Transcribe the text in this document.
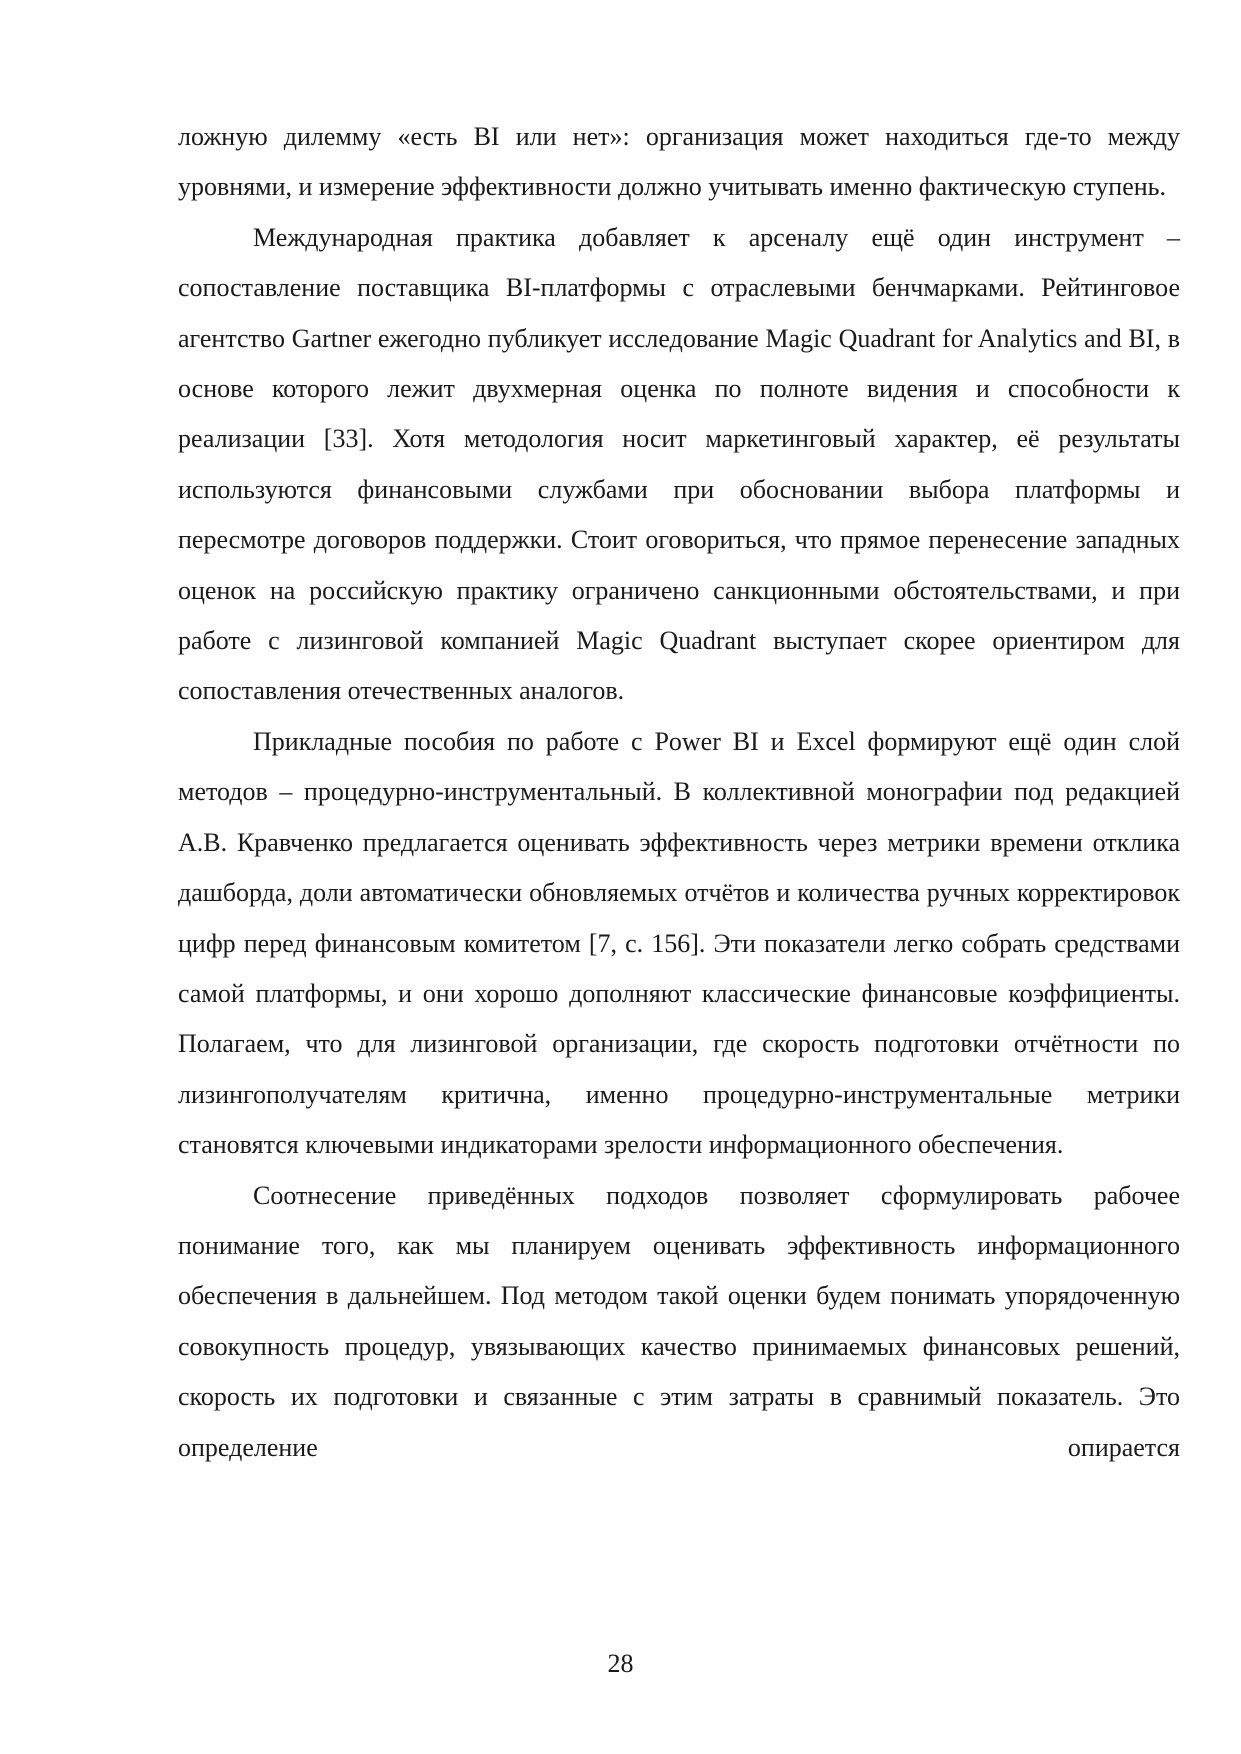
ложную дилемму «есть BI или нет»: организация может находиться где-то между уровнями, и измерение эффективности должно учитывать именно фактическую ступень.

Международная практика добавляет к арсеналу ещё один инструмент – сопоставление поставщика BI-платформы с отраслевыми бенчмарками. Рейтинговое агентство Gartner ежегодно публикует исследование Magic Quadrant for Analytics and BI, в основе которого лежит двухмерная оценка по полноте видения и способности к реализации [33]. Хотя методология носит маркетинговый характер, её результаты используются финансовыми службами при обосновании выбора платформы и пересмотре договоров поддержки. Стоит оговориться, что прямое перенесение западных оценок на российскую практику ограничено санкционными обстоятельствами, и при работе с лизинговой компанией Magic Quadrant выступает скорее ориентиром для сопоставления отечественных аналогов.

Прикладные пособия по работе с Power BI и Excel формируют ещё один слой методов – процедурно-инструментальный. В коллективной монографии под редакцией А.В. Кравченко предлагается оценивать эффективность через метрики времени отклика дашборда, доли автоматически обновляемых отчётов и количества ручных корректировок цифр перед финансовым комитетом [7, с. 156]. Эти показатели легко собрать средствами самой платформы, и они хорошо дополняют классические финансовые коэффициенты. Полагаем, что для лизинговой организации, где скорость подготовки отчётности по лизингополучателям критична, именно процедурно-инструментальные метрики становятся ключевыми индикаторами зрелости информационного обеспечения.

Соотнесение приведённых подходов позволяет сформулировать рабочее понимание того, как мы планируем оценивать эффективность информационного обеспечения в дальнейшем. Под методом такой оценки будем понимать упорядоченную совокупность процедур, увязывающих качество принимаемых финансовых решений, скорость их подготовки и связанные с этим затраты в сравнимый показатель. Это определение опирается

28
